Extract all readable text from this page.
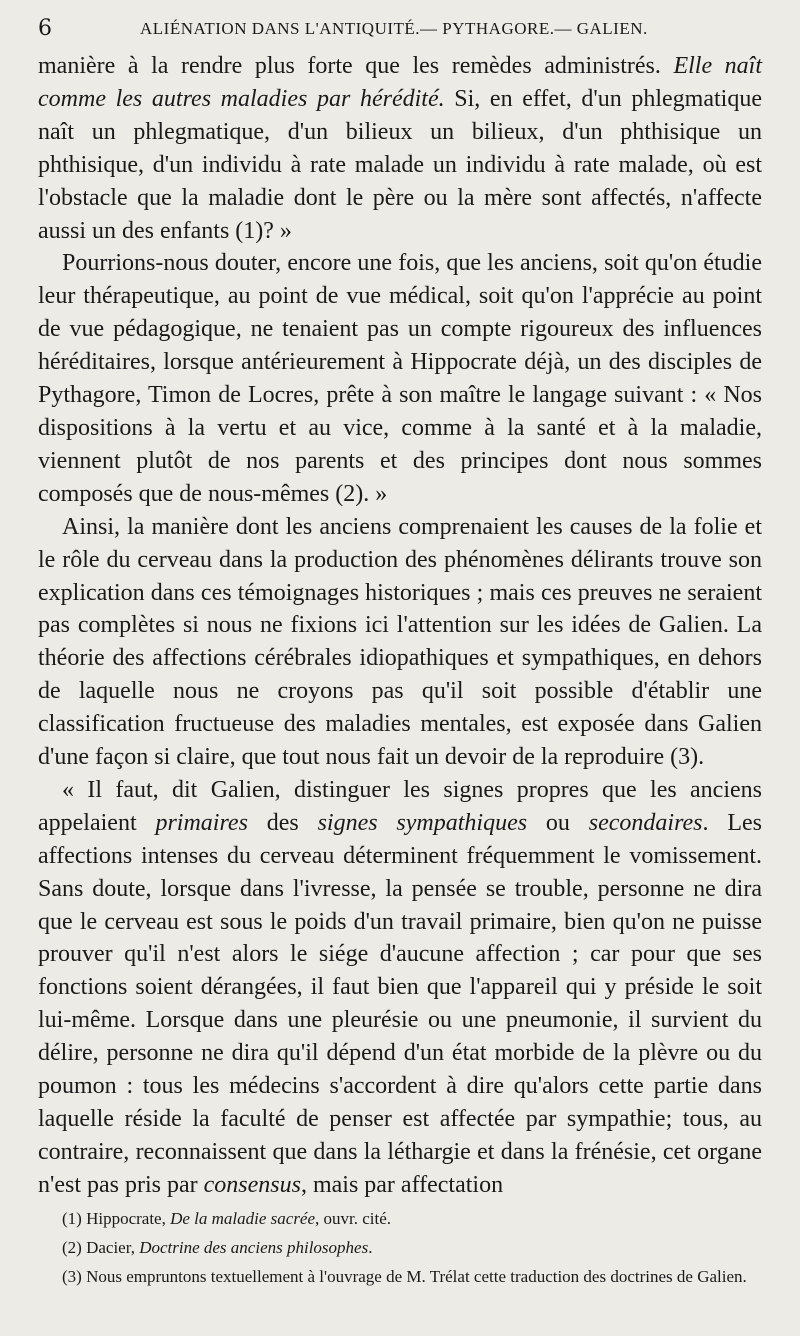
6	ALIÉNATION DANS L'ANTIQUITÉ.— PYTHAGORE.— GALIEN.

manière à la rendre plus forte que les remèdes administrés. Elle naît comme les autres maladies par hérédité. Si, en effet, d'un phlegmatique naît un phlegmatique, d'un bilieux un bilieux, d'un phthisique un phthisique, d'un individu à rate malade un individu à rate malade, où est l'obstacle que la maladie dont le père ou la mère sont affectés, n'affecte aussi un des enfants (1)? »

Pourrions-nous douter, encore une fois, que les anciens, soit qu'on étudie leur thérapeutique, au point de vue médical, soit qu'on l'apprécie au point de vue pédagogique, ne tenaient pas un compte rigoureux des influences héréditaires, lorsque antérieurement à Hippocrate déjà, un des disciples de Pythagore, Timon de Locres, prête à son maître le langage suivant : « Nos dispositions à la vertu et au vice, comme à la santé et à la maladie, viennent plutôt de nos parents et des principes dont nous sommes composés que de nous-mêmes (2). »

Ainsi, la manière dont les anciens comprenaient les causes de la folie et le rôle du cerveau dans la production des phénomènes délirants trouve son explication dans ces témoignages historiques ; mais ces preuves ne seraient pas complètes si nous ne fixions ici l'attention sur les idées de Galien. La théorie des affections cérébrales idiopathiques et sympathiques, en dehors de laquelle nous ne croyons pas qu'il soit possible d'établir une classification fructueuse des maladies mentales, est exposée dans Galien d'une façon si claire, que tout nous fait un devoir de la reproduire (3).

« Il faut, dit Galien, distinguer les signes propres que les anciens appelaient primaires des signes sympathiques ou secondaires. Les affections intenses du cerveau déterminent fréquemment le vomissement. Sans doute, lorsque dans l'ivresse, la pensée se trouble, personne ne dira que le cerveau est sous le poids d'un travail primaire, bien qu'on ne puisse prouver qu'il n'est alors le siége d'aucune affection ; car pour que ses fonctions soient dérangées, il faut bien que l'appareil qui y préside le soit lui-même. Lorsque dans une pleurésie ou une pneumonie, il survient du délire, personne ne dira qu'il dépend d'un état morbide de la plèvre ou du poumon : tous les médecins s'accordent à dire qu'alors cette partie dans laquelle réside la faculté de penser est affectée par sympathie; tous, au contraire, reconnaissent que dans la léthargie et dans la frénésie, cet organe n'est pas pris par consensus, mais par affectation

(1) Hippocrate, De la maladie sacrée, ouvr. cité.

(2) Dacier, Doctrine des anciens philosophes.

(3) Nous empruntons textuellement à l'ouvrage de M. Trélat cette traduction des doctrines de Galien.
